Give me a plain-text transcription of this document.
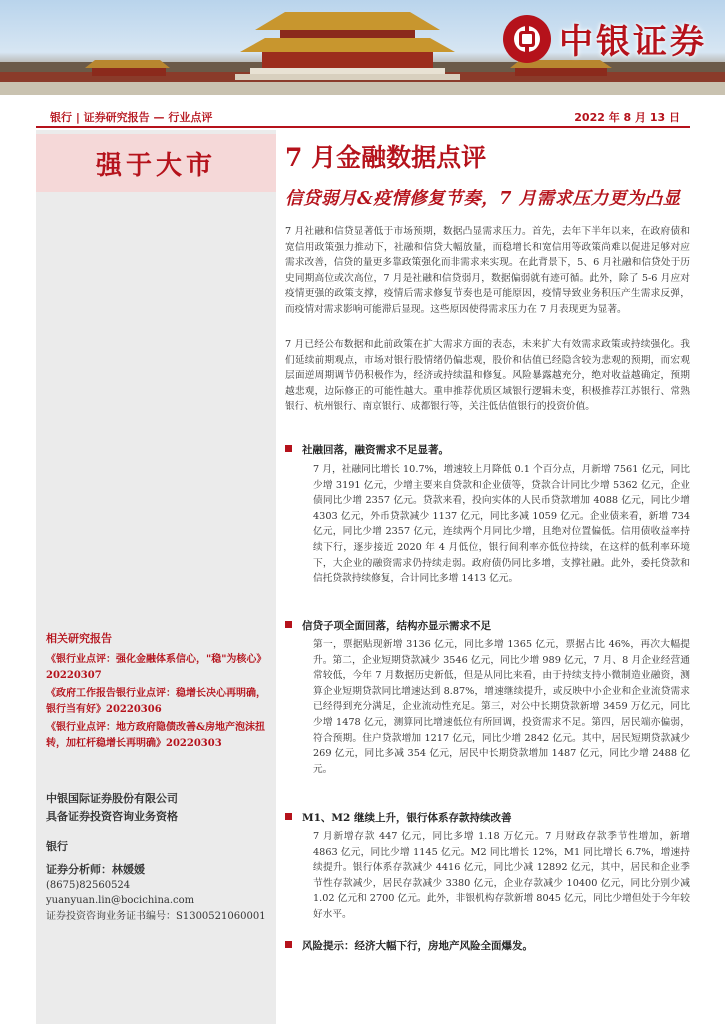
中银证券
银行 | 证券研究报告 — 行业点评	2022 年 8 月 13 日
强于大市
相关研究报告
《银行业点评：强化金融体系信心，"稳"为核心》20220307
《政府工作报告银行业点评：稳增长决心再明确，银行当有好》20220306
《银行业点评：地方政府隐债改善&房地产泡沫扭转，加杠杆稳增长再明确》20220303
中银国际证券股份有限公司
具备证券投资咨询业务资格
银行
证券分析师：林媛媛
(8675)82560524
yuanyuan.lin@bocichina.com
证券投资咨询业务证书编号：S1300521060001
7 月金融数据点评
信贷弱月&疫情修复节奏，7 月需求压力更为凸显
7 月社融和信贷显著低于市场预期，数据凸显需求压力。首先，去年下半年以来，在政府债和宽信用政策强力推动下，社融和信贷大幅放量，而稳增长和宽信用等政策尚难以促进足够对应需求改善，信贷的量更多靠政策强化而非需求来实现。在此背景下，5、6 月社融和信贷处于历史同期高位或次高位，7 月是社融和信贷弱月，数据偏弱就有迹可循。此外，除了 5-6 月应对疫情更强的政策支撑，疫情后需求修复节奏也是可能原因，疫情导致业务积压产生需求反弹，而疫情对需求影响可能滞后显现。这些原因使得需求压力在 7 月表现更为显著。
7 月已经公布数据和此前政策在扩大需求方面的表态，未来扩大有效需求政策或持续强化。我们延续前期观点，市场对银行股情绪仍偏悲观，股价和估值已经隐含较为悲观的预期，而宏观层面逆周期调节仍积极作为，经济或持续温和修复。风险暴露越充分，绝对收益越确定，预期越悲观，边际修正的可能性越大。重申推荐优质区域银行逻辑未变，积极推荐江苏银行、常熟银行、杭州银行、南京银行、成都银行等，关注低估值银行的投资价值。
社融回落，融资需求不足显著。
7 月，社融同比增长 10.7%，增速较上月降低 0.1 个百分点，月新增 7561 亿元，同比少增 3191 亿元，少增主要来自贷款和企业债等，贷款合计同比少增 5362 亿元，企业债同比少增 2357 亿元。贷款来看，投向实体的人民币贷款增加 4088 亿元，同比少增 4303 亿元，外币贷款减少 1137 亿元，同比多减 1059 亿元。企业债来看，新增 734 亿元，同比少增 2357 亿元，连续两个月同比少增，且绝对位置偏低。信用债收益率持续下行，逐步接近 2020 年 4 月低位，银行间利率亦低位持续，在这样的低利率环境下，大企业的融资需求仍持续走弱。政府债仍同比多增，支撑社融。此外，委托贷款和信托贷款持续修复，合计同比多增 1413 亿元。
信贷子项全面回落，结构亦显示需求不足
第一，票据贴现新增 3136 亿元，同比多增 1365 亿元，票据占比 46%，再次大幅提升。第二，企业短期贷款减少 3546 亿元，同比少增 989 亿元，7 月、8 月企业经营通常较低，今年 7 月数据历史新低，但是从同比来看，由于持续支持小微制造业融资，测算企业短期贷款同比增速达到 8.87%，增速继续提升，或反映中小企业和企业流贷需求已经得到充分满足，企业流动性充足。第三，对公中长期贷款新增 3459 万亿元，同比少增 1478 亿元，测算同比增速低位有所回调，投资需求不足。第四，居民端亦偏弱，符合预期。住户贷款增加 1217 亿元，同比少增 2842 亿元。其中，居民短期贷款减少 269 亿元，同比多减 354 亿元，居民中长期贷款增加 1487 亿元，同比少增 2488 亿元。
M1、M2 继续上升，银行体系存款持续改善
7 月新增存款 447 亿元，同比多增 1.18 万亿元。7 月财政存款季节性增加，新增 4863 亿元，同比少增 1145 亿元。M2 同比增长 12%，M1 同比增长 6.7%，增速持续提升。银行体系存款减少 4416 亿元，同比少减 12892 亿元，其中，居民和企业季节性存款减少，居民存款减少 3380 亿元，企业存款减少 10400 亿元，同比分别少减 1.02 亿元和 2700 亿元。此外，非银机构存款新增 8045 亿元，同比少增但处于今年较好水平。
风险提示：经济大幅下行，房地产风险全面爆发。
